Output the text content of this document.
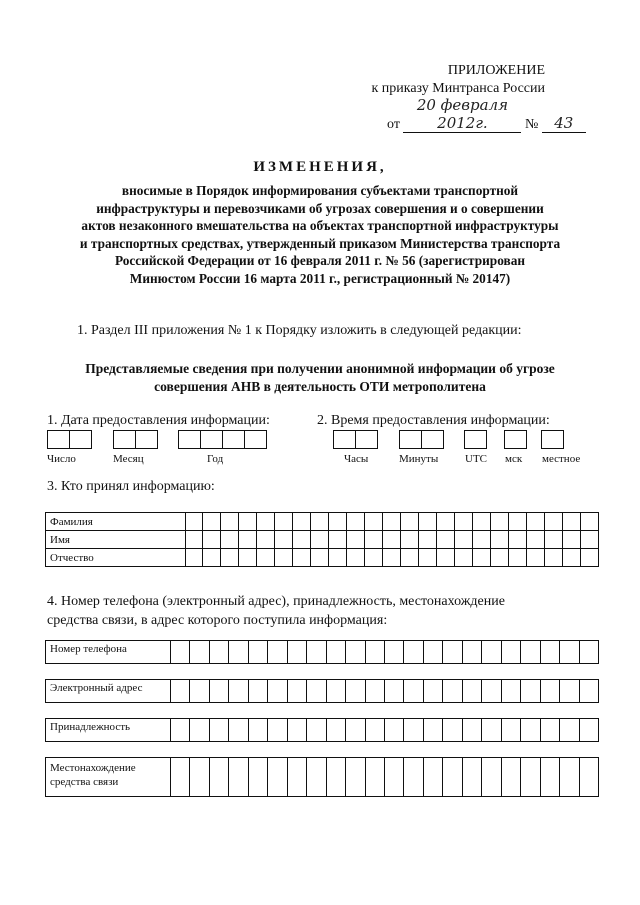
ПРИЛОЖЕНИЕ
к приказу Минтранса России
от 20 февраля 2012г.	№ 43
ИЗМЕНЕНИЯ,
вносимые в Порядок информирования субъектами транспортной
инфраструктуры и перевозчиками об угрозах совершения и о совершении
актов незаконного вмешательства на объектах транспортной инфраструктуры
и транспортных средствах, утвержденный приказом Министерства транспорта
Российской Федерации от 16 февраля 2011 г. № 56 (зарегистрирован
Минюстом России 16 марта 2011 г., регистрационный № 20147)
1. Раздел III приложения № 1 к Порядку изложить в следующей редакции:
Представляемые сведения при получении анонимной информации об угрозе
совершения АНВ в деятельность ОТИ метрополитена
1. Дата предоставления информации:	2. Время предоставления информации:
Число	Месяц	Год	Часы	Минуты UTC мск местное
3. Кто принял информацию:
Фамилия																							
Имя																							
Отчество																							
4. Номер телефона (электронный адрес), принадлежность, местонахождение
средства связи, в адрес которого поступила информация:
Номер телефона
Электронный адрес
Принадлежность
Местонахождение
средства связи
